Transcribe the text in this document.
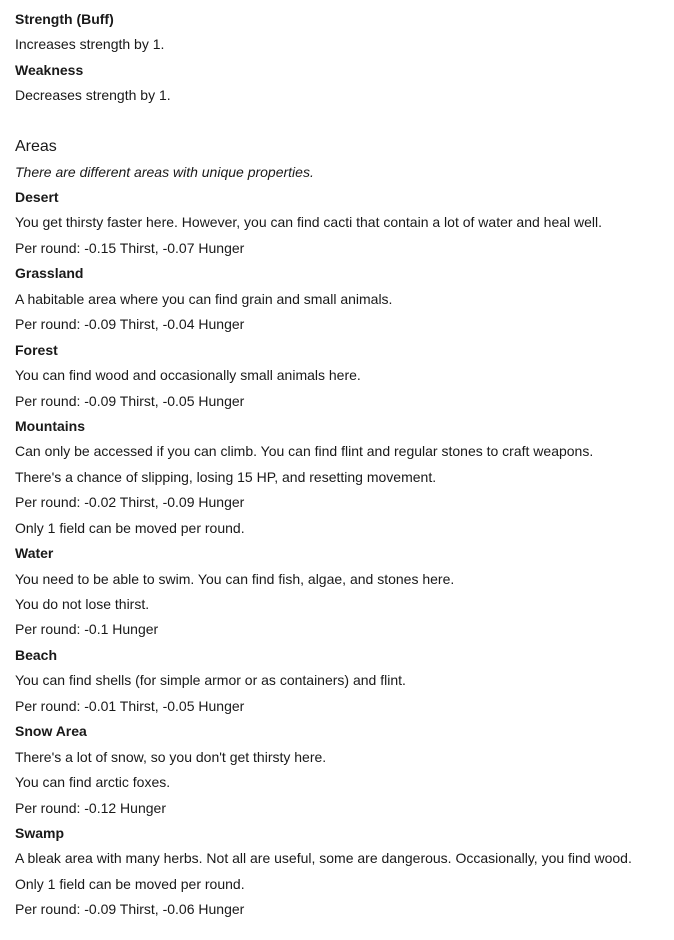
Strength (Buff)

Increases strength by 1.

Weakness

Decreases strength by 1.

Areas

There are different areas with unique properties.

Desert

You get thirsty faster here. However, you can find cacti that contain a lot of water and heal well.

Per round: -0.15 Thirst, -0.07 Hunger

Grassland

A habitable area where you can find grain and small animals.

Per round: -0.09 Thirst, -0.04 Hunger

Forest

You can find wood and occasionally small animals here.

Per round: -0.09 Thirst, -0.05 Hunger

Mountains

Can only be accessed if you can climb. You can find flint and regular stones to craft weapons.

There's a chance of slipping, losing 15 HP, and resetting movement.

Per round: -0.02 Thirst, -0.09 Hunger

Only 1 field can be moved per round.

Water

You need to be able to swim. You can find fish, algae, and stones here.

You do not lose thirst.

Per round: -0.1 Hunger

Beach

You can find shells (for simple armor or as containers) and flint.

Per round: -0.01 Thirst, -0.05 Hunger

Snow Area

There's a lot of snow, so you don't get thirsty here.

You can find arctic foxes.

Per round: -0.12 Hunger

Swamp

A bleak area with many herbs. Not all are useful, some are dangerous. Occasionally, you find wood.

Only 1 field can be moved per round.

Per round: -0.09 Thirst, -0.06 Hunger
